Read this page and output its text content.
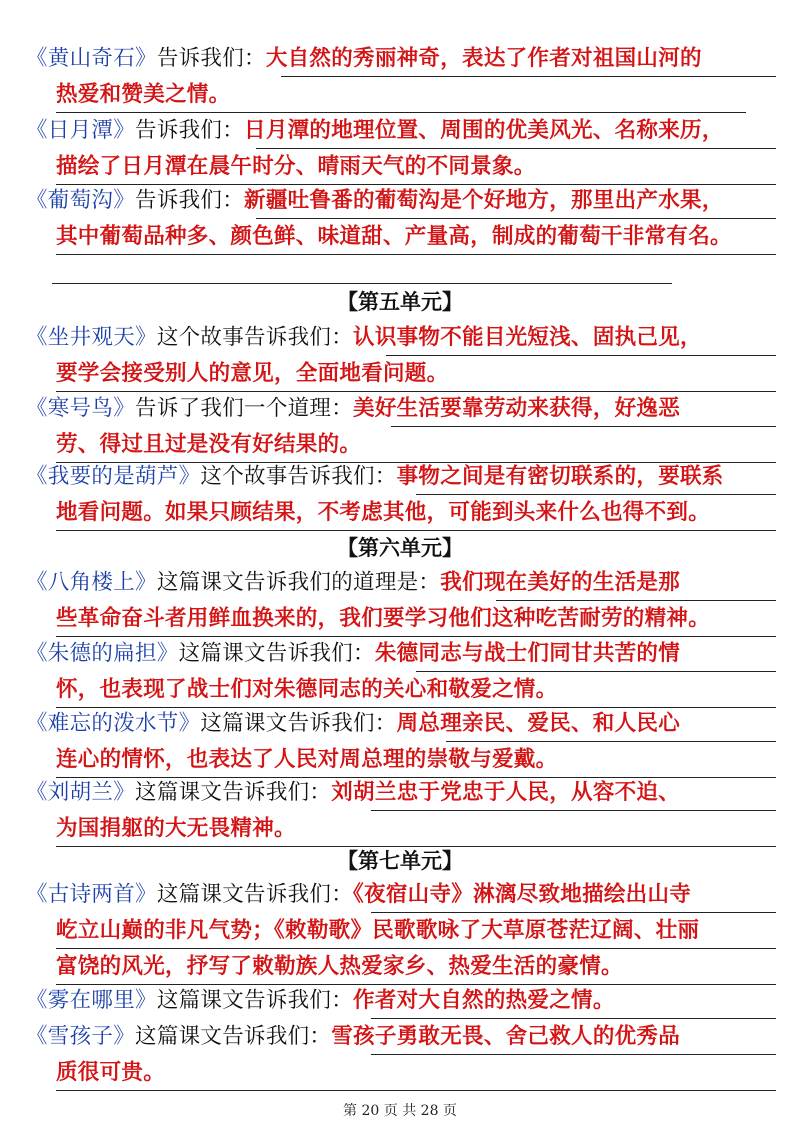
《黄山奇石》告诉我们：大自然的秀丽神奇，表达了作者对祖国山河的
热爱和赞美之情。
《日月潭》告诉我们：日月潭的地理位置、周围的优美风光、名称来历，
描绘了日月潭在晨午时分、晴雨天气的不同景象。
《葡萄沟》告诉我们：新疆吐鲁番的葡萄沟是个好地方，那里出产水果，
其中葡萄品种多、颜色鲜、味道甜、产量高，制成的葡萄干非常有名。
【第五单元】
《坐井观天》这个故事告诉我们：认识事物不能目光短浅、固执己见，
要学会接受别人的意见，全面地看问题。
《寒号鸟》告诉了我们一个道理：美好生活要靠劳动来获得，好逸恶
劳、得过且过是没有好结果的。
《我要的是葫芦》这个故事告诉我们：事物之间是有密切联系的，要联系
地看问题。如果只顾结果，不考虑其他，可能到头来什么也得不到。
【第六单元】
《八角楼上》这篇课文告诉我们的道理是：我们现在美好的生活是那
些革命奋斗者用鲜血换来的，我们要学习他们这种吃苦耐劳的精神。
《朱德的扁担》这篇课文告诉我们：朱德同志与战士们同甘共苦的情
怀，也表现了战士们对朱德同志的关心和敬爱之情。
《难忘的泼水节》这篇课文告诉我们：周总理亲民、爱民、和人民心
连心的情怀，也表达了人民对周总理的崇敬与爱戴。
《刘胡兰》这篇课文告诉我们：刘胡兰忠于党忠于人民，从容不迫、
为国捐躯的大无畏精神。
【第七单元】
《古诗两首》这篇课文告诉我们：《夜宿山寺》淋漓尽致地描绘出山寺
屹立山巅的非凡气势；《敕勒歌》民歌歌咏了大草原苍茫辽阔、壮丽
富饶的风光，抒写了敕勒族人热爱家乡、热爱生活的豪情。
《雾在哪里》这篇课文告诉我们：作者对大自然的热爱之情。
《雪孩子》这篇课文告诉我们：雪孩子勇敢无畏、舍己救人的优秀品
质很可贵。
第 20 页 共 28 页
